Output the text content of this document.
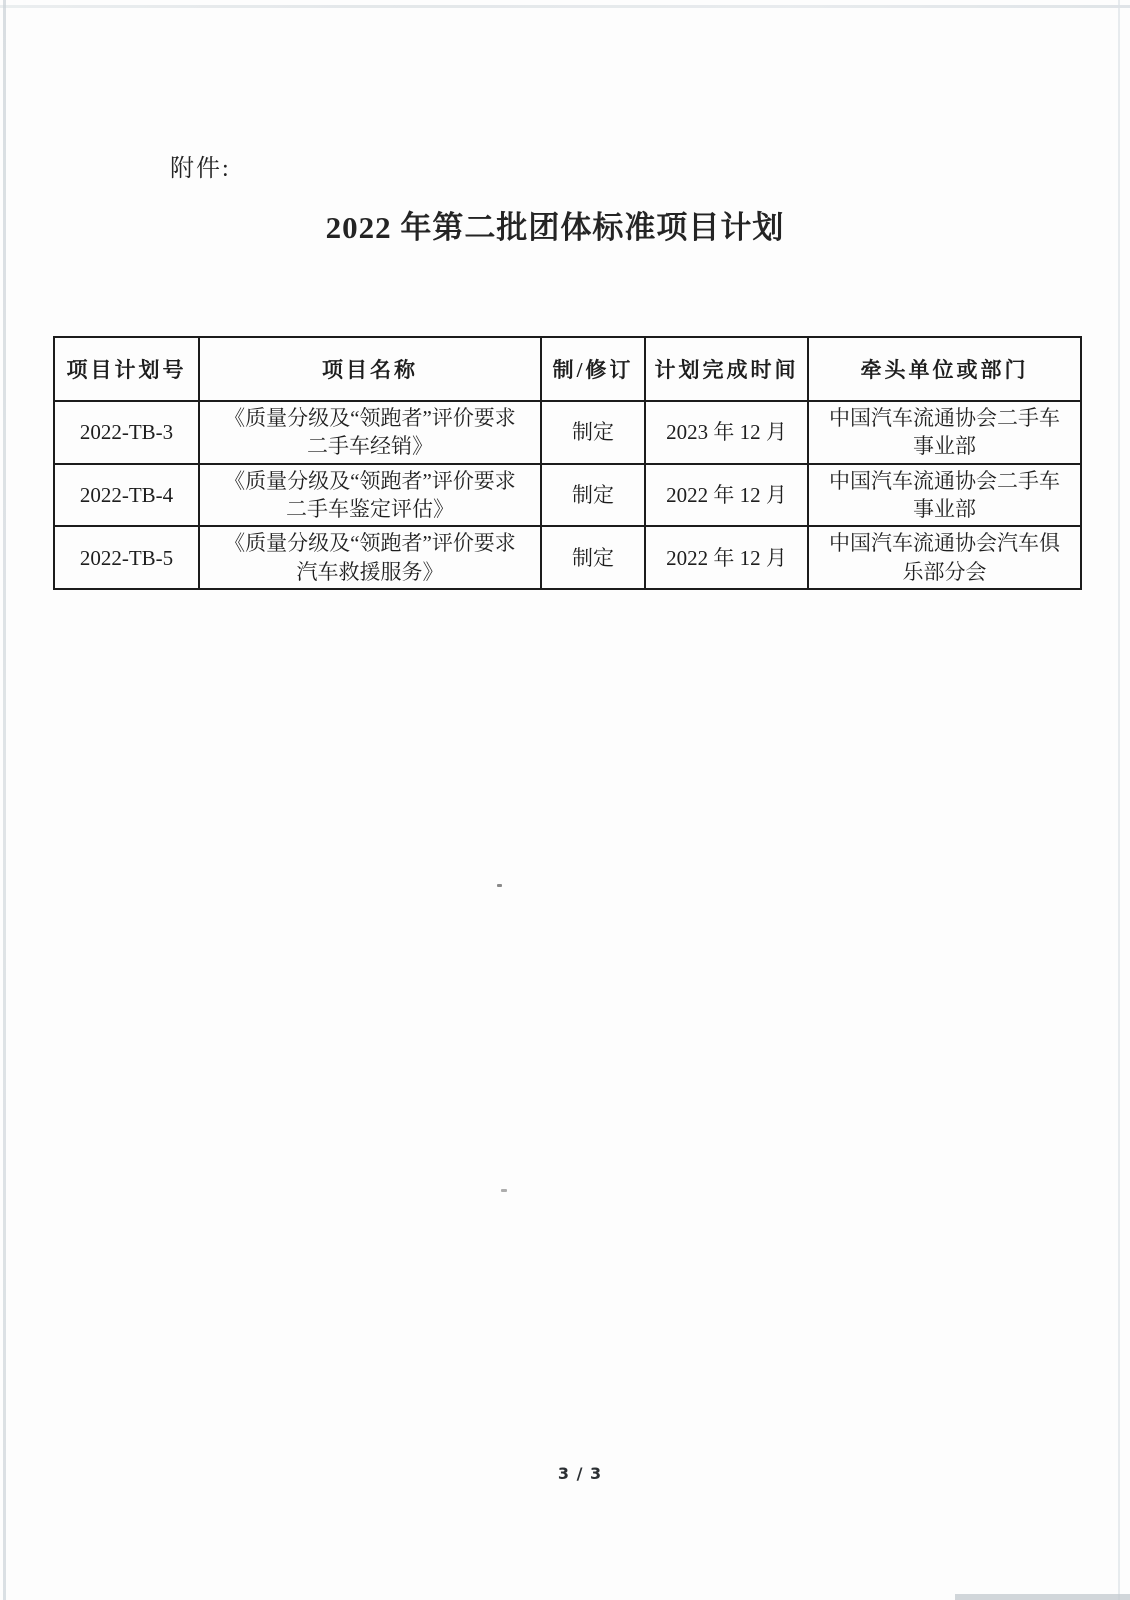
附件:
2022 年第二批团体标准项目计划
项目计划号	项目名称	制/修订	计划完成时间	牵头单位或部门
2022-TB-3	《质量分级及“领跑者”评价要求　二手车经销》	制定	2023 年 12 月	中国汽车流通协会二手车事业部
2022-TB-4	《质量分级及“领跑者”评价要求　二手车鉴定评估》	制定	2022 年 12 月	中国汽车流通协会二手车事业部
2022-TB-5	《质量分级及“领跑者”评价要求　汽车救援服务》	制定	2022 年 12 月	中国汽车流通协会汽车俱乐部分会
3 / 3
